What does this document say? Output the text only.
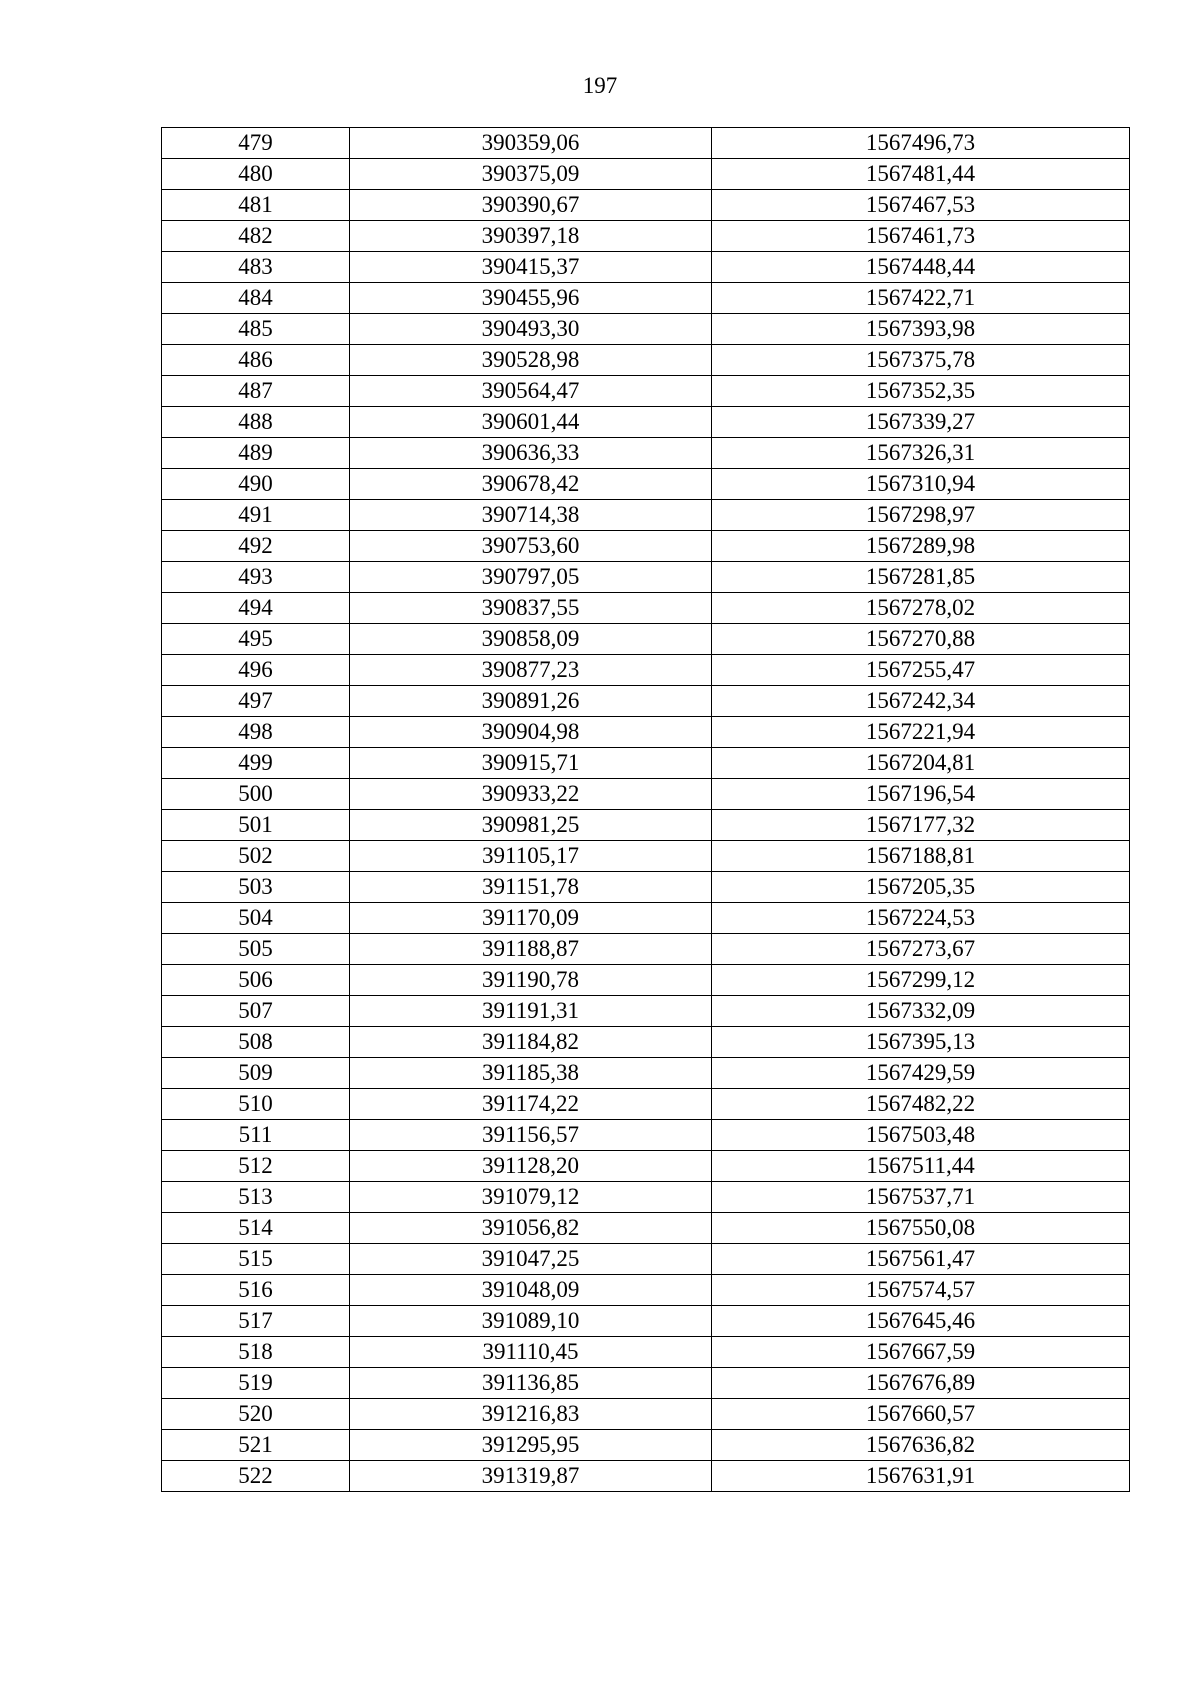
197
479	390359,06	1567496,73
480	390375,09	1567481,44
481	390390,67	1567467,53
482	390397,18	1567461,73
483	390415,37	1567448,44
484	390455,96	1567422,71
485	390493,30	1567393,98
486	390528,98	1567375,78
487	390564,47	1567352,35
488	390601,44	1567339,27
489	390636,33	1567326,31
490	390678,42	1567310,94
491	390714,38	1567298,97
492	390753,60	1567289,98
493	390797,05	1567281,85
494	390837,55	1567278,02
495	390858,09	1567270,88
496	390877,23	1567255,47
497	390891,26	1567242,34
498	390904,98	1567221,94
499	390915,71	1567204,81
500	390933,22	1567196,54
501	390981,25	1567177,32
502	391105,17	1567188,81
503	391151,78	1567205,35
504	391170,09	1567224,53
505	391188,87	1567273,67
506	391190,78	1567299,12
507	391191,31	1567332,09
508	391184,82	1567395,13
509	391185,38	1567429,59
510	391174,22	1567482,22
511	391156,57	1567503,48
512	391128,20	1567511,44
513	391079,12	1567537,71
514	391056,82	1567550,08
515	391047,25	1567561,47
516	391048,09	1567574,57
517	391089,10	1567645,46
518	391110,45	1567667,59
519	391136,85	1567676,89
520	391216,83	1567660,57
521	391295,95	1567636,82
522	391319,87	1567631,91
